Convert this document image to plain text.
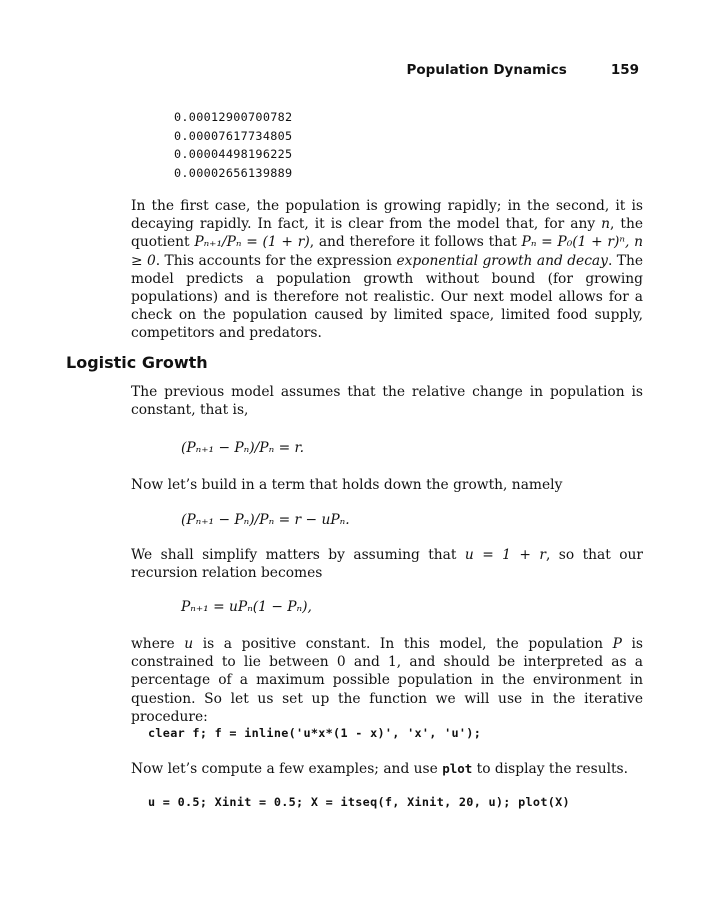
Population Dynamics	159
0.00012900700782
0.00007617734805
0.00004498196225
0.00002656139889

In the first case, the population is growing rapidly; in the second, it is decaying rapidly. In fact, it is clear from the model that, for any n, the quotient Pₙ₊₁/Pₙ = (1 + r), and therefore it follows that Pₙ = P₀(1 + r)ⁿ, n ≥ 0. This accounts for the expression exponential growth and decay. The model predicts a population growth without bound (for growing populations) and is therefore not realistic. Our next model allows for a check on the population caused by limited space, limited food supply, competitors and predators.

Logistic Growth

The previous model assumes that the relative change in population is constant, that is,

(Pₙ₊₁ − Pₙ)/Pₙ = r.

Now let’s build in a term that holds down the growth, namely

(Pₙ₊₁ − Pₙ)/Pₙ = r − uPₙ.

We shall simplify matters by assuming that u = 1 + r, so that our recursion relation becomes

Pₙ₊₁ = uPₙ(1 − Pₙ),

where u is a positive constant. In this model, the population P is constrained to lie between 0 and 1, and should be interpreted as a percentage of a maximum possible population in the environment in question. So let us set up the function we will use in the iterative procedure:

clear f; f = inline('u*x*(1 - x)', 'x', 'u');

Now let’s compute a few examples; and use plot to display the results.

u = 0.5; Xinit = 0.5; X = itseq(f, Xinit, 20, u); plot(X)
